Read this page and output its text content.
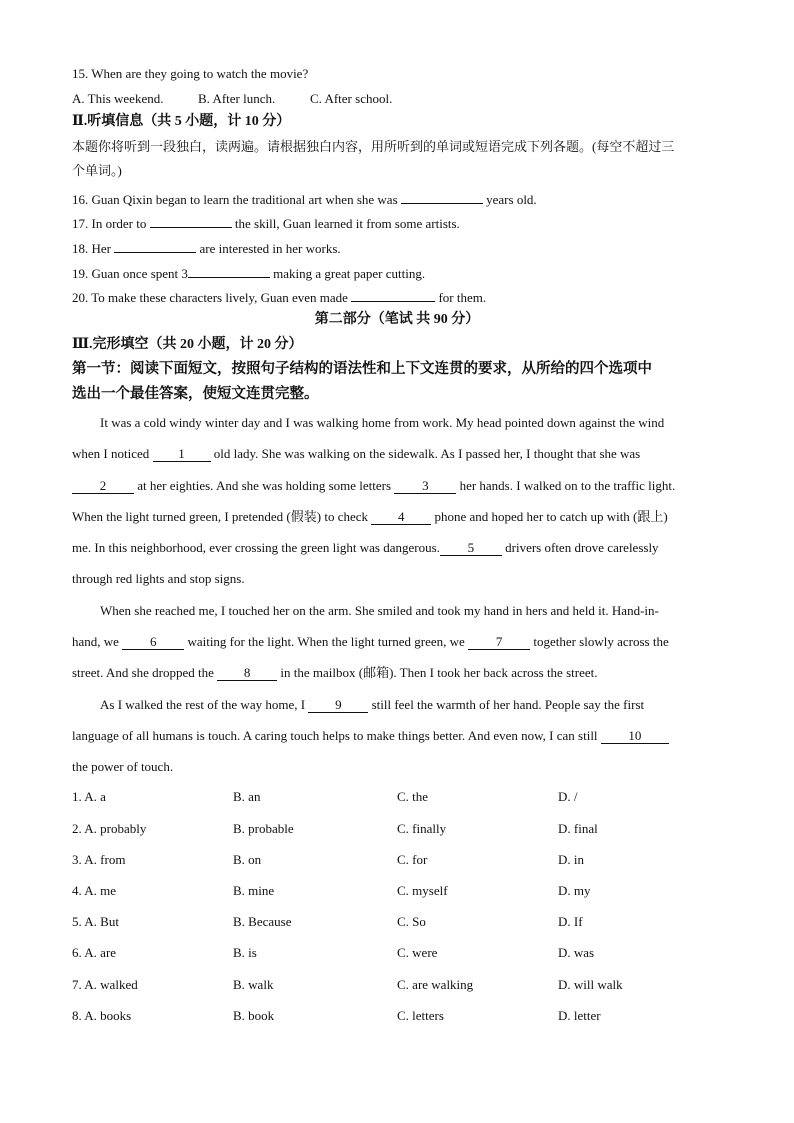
15. When are they going to watch the movie?
A. This weekend.	B. After lunch.	C. After school.
Ⅱ.听填信息（共 5 小题，计 10 分）
本题你将听到一段独白，读两遍。请根据独白内容，用所听到的单词或短语完成下列各题。(每空不超过三
个单词。)
16. Guan Qixin began to learn the traditional art when she was	years old.
17. In order to	the skill, Guan learned it from some artists.
18. Her	are interested in her works.
19. Guan once spent 3	making a great paper cutting.
20. To make these characters lively, Guan even made	for them.
第二部分（笔试 共 90 分）
Ⅲ.完形填空（共 20 小题，计 20 分）
第一节：阅读下面短文，按照句子结构的语法性和上下文连贯的要求，从所给的四个选项中
选出一个最佳答案，使短文连贯完整。

It was a cold windy winter day and I was walking home from work. My head pointed down against the wind

when I noticed 1 old lady. She was walking on the sidewalk. As I passed her, I thought that she was

2 at her eighties. And she was holding some letters 3 her hands. I walked on to the traffic light.

When the light turned green, I pretended (假装) to check 4 phone and hoped her to catch up with (跟上)

me. In this neighborhood, ever crossing the green light was dangerous. 5 drivers often drove carelessly

through red lights and stop signs.

When she reached me, I touched her on the arm. She smiled and took my hand in hers and held it. Hand-in-

hand, we 6 waiting for the light. When the light turned green, we 7 together slowly across the

street. And she dropped the 8 in the mailbox (邮箱). Then I took her back across the street.

As I walked the rest of the way home, I 9 still feel the warmth of her hand. People say the first

language of all humans is touch. A caring touch helps to make things better. And even now, I can still 10

the power of touch.

1. A. a	B. an	C. the	D. /
2. A. probably	B. probable	C. finally	D. final
3. A. from	B. on	C. for	D. in
4. A. me	B. mine	C. myself	D. my
5. A. But	B. Because	C. So	D. If
6. A. are	B. is	C. were	D. was
7. A. walked	B. walk	C. are walking	D. will walk
8. A. books	B. book	C. letters	D. letter
